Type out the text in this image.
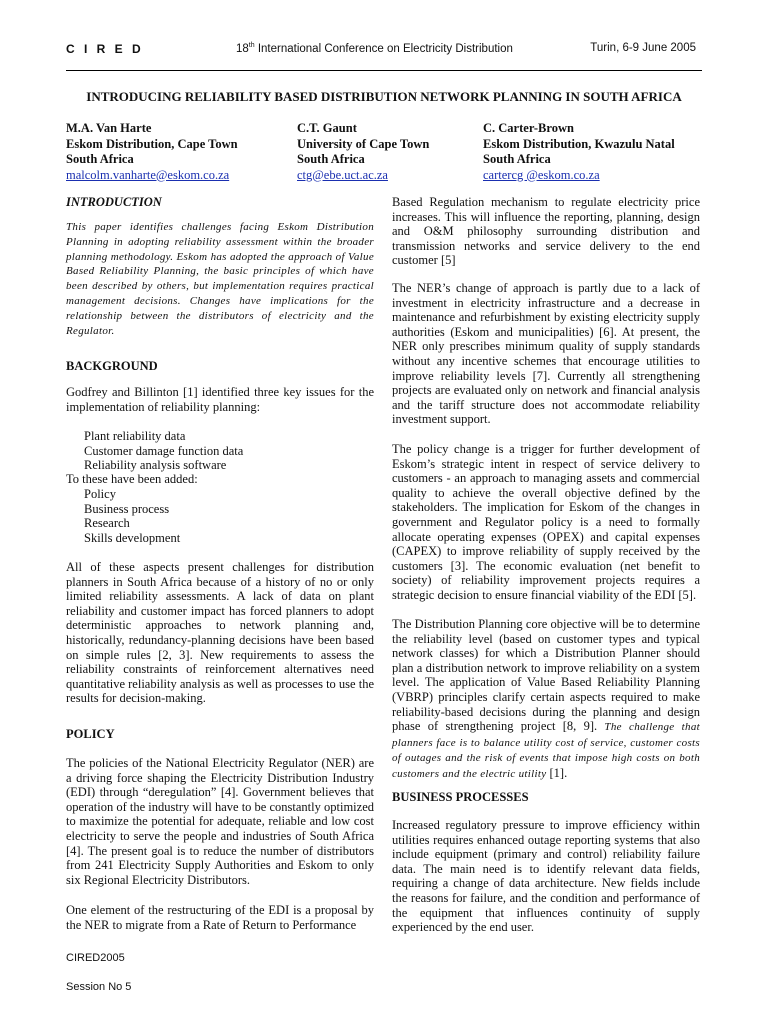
C I R E D	18th International Conference on Electricity Distribution	Turin, 6-9 June 2005
INTRODUCING RELIABILITY BASED DISTRIBUTION NETWORK PLANNING IN SOUTH AFRICA
M.A. Van Harte
Eskom Distribution, Cape Town
South Africa
malcolm.vanharte@eskom.co.za
C.T. Gaunt
University of Cape Town
South Africa
ctg@ebe.uct.ac.za
C. Carter-Brown
Eskom Distribution, Kwazulu Natal
South Africa
cartercg @eskom.co.za
INTRODUCTION
This paper identifies challenges facing Eskom Distribution Planning in adopting reliability assessment within the broader planning methodology. Eskom has adopted the approach of Value Based Reliability Planning, the basic principles of which have been described by others, but implementation requires practical management decisions. Changes have implications for the relationship between the distributors of electricity and the Regulator.
BACKGROUND
Godfrey and Billinton [1] identified three key issues for the implementation of reliability planning:
Plant reliability data
Customer damage function data
Reliability analysis software
To these have been added:
Policy
Business process
Research
Skills development
All of these aspects present challenges for distribution planners in South Africa because of a history of no or only limited reliability assessments. A lack of data on plant reliability and customer impact has forced planners to adopt deterministic approaches to network planning and, historically, redundancy-planning decisions have been based on simple rules [2, 3]. New requirements to assess the reliability constraints of reinforcement alternatives need quantitative reliability analysis as well as processes to use the results for decision-making.
POLICY
The policies of the National Electricity Regulator (NER) are a driving force shaping the Electricity Distribution Industry (EDI) through “deregulation” [4]. Government believes that operation of the industry will have to be constantly optimized to maximize the potential for adequate, reliable and low cost electricity to serve the people and industries of South Africa [4]. The present goal is to reduce the number of distributors from 241 Electricity Supply Authorities and Eskom to only six Regional Electricity Distributors.
One element of the restructuring of the EDI is a proposal by the NER to migrate from a Rate of Return to Performance
Based Regulation mechanism to regulate electricity price increases. This will influence the reporting, planning, design and O&M philosophy surrounding distribution and transmission networks and service delivery to the end customer [5]
The NER’s change of approach is partly due to a lack of investment in electricity infrastructure and a decrease in maintenance and refurbishment by existing electricity supply authorities (Eskom and municipalities) [6]. At present, the NER only prescribes minimum quality of supply standards without any incentive schemes that encourage utilities to improve reliability levels [7]. Currently all strengthening projects are evaluated only on network and financial analysis and the tariff structure does not accommodate reliability investment support.
The policy change is a trigger for further development of Eskom’s strategic intent in respect of service delivery to customers - an approach to managing assets and commercial quality to achieve the overall objective defined by the stakeholders. The implication for Eskom of the changes in government and Regulator policy is a need to formally allocate operating expenses (OPEX) and capital expenses (CAPEX) to improve reliability of supply received by the customers [3]. The economic evaluation (net benefit to society) of reliability improvement projects requires a strategic decision to ensure financial viability of the EDI [5].
The Distribution Planning core objective will be to determine the reliability level (based on customer types and typical network classes) for which a Distribution Planner should plan a distribution network to improve reliability on a system level. The application of Value Based Reliability Planning (VBRP) principles clarify certain aspects required to make reliability-based decisions during the planning and design phase of strengthening project [8, 9]. The challenge that planners face is to balance utility cost of service, customer costs of outages and the risk of events that impose high costs on both customers and the electric utility [1].
BUSINESS PROCESSES
Increased regulatory pressure to improve efficiency within utilities requires enhanced outage reporting systems that also include equipment (primary and control) reliability failure data. The main need is to identify relevant data fields, requiring a change of data architecture. New fields include the reasons for failure, and the condition and performance of the equipment that influences continuity of supply experienced by the end user.
CIRED2005
Session No 5
